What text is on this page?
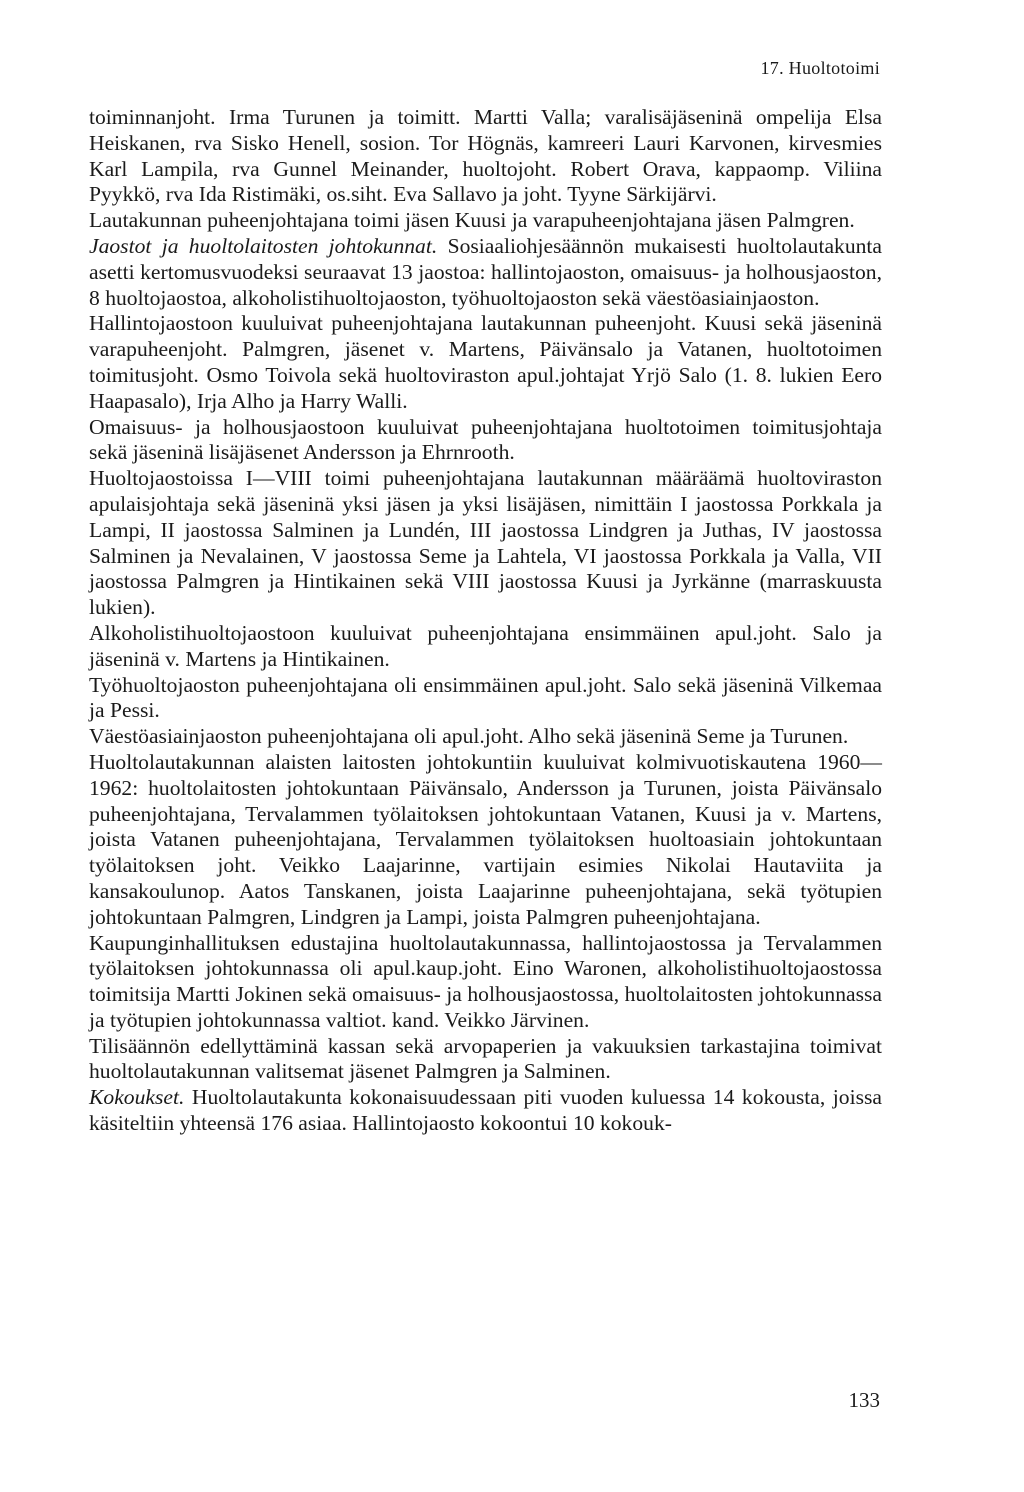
17. Huoltotoimi

toiminnanjoht. Irma Turunen ja toimitt. Martti Valla; varalisäjäseninä ompelija Elsa Heiskanen, rva Sisko Henell, sosion. Tor Högnäs, kamreeri Lauri Karvonen, kirvesmies Karl Lampila, rva Gunnel Meinander, huoltojoht. Robert Orava, kappaomp. Viliina Pyykkö, rva Ida Ristimäki, os.siht. Eva Sallavo ja joht. Tyyne Särkijärvi.

Lautakunnan puheenjohtajana toimi jäsen Kuusi ja varapuheenjohtajana jäsen Palmgren.

Jaostot ja huoltolaitosten johtokunnat. Sosiaaliohjesäännön mukaisesti huoltolautakunta asetti kertomusvuodeksi seuraavat 13 jaostoa: hallintojaoston, omaisuus- ja holhousjaoston, 8 huoltojaostoa, alkoholistihuoltojaoston, työhuoltojaoston sekä väestöasiainjaoston.

Hallintojaostoon kuuluivat puheenjohtajana lautakunnan puheenjoht. Kuusi sekä jäseninä varapuheenjoht. Palmgren, jäsenet v. Martens, Päivänsalo ja Vatanen, huoltotoimen toimitusjoht. Osmo Toivola sekä huoltoviraston apul.johtajat Yrjö Salo (1. 8. lukien Eero Haapasalo), Irja Alho ja Harry Walli.

Omaisuus- ja holhousjaostoon kuuluivat puheenjohtajana huoltotoimen toimitusjohtaja sekä jäseninä lisäjäsenet Andersson ja Ehrnrooth.

Huoltojaostoissa I—VIII toimi puheenjohtajana lautakunnan määräämä huoltoviraston apulaisjohtaja sekä jäseninä yksi jäsen ja yksi lisäjäsen, nimittäin I jaostossa Porkkala ja Lampi, II jaostossa Salminen ja Lundén, III jaostossa Lindgren ja Juthas, IV jaostossa Salminen ja Nevalainen, V jaostossa Seme ja Lahtela, VI jaostossa Porkkala ja Valla, VII jaostossa Palmgren ja Hintikainen sekä VIII jaostossa Kuusi ja Jyrkänne (marraskuusta lukien).

Alkoholistihuoltojaostoon kuuluivat puheenjohtajana ensimmäinen apul.joht. Salo ja jäseninä v. Martens ja Hintikainen.

Työhuoltojaoston puheenjohtajana oli ensimmäinen apul.joht. Salo sekä jäseninä Vilkemaa ja Pessi.

Väestöasiainjaoston puheenjohtajana oli apul.joht. Alho sekä jäseninä Seme ja Turunen.

Huoltolautakunnan alaisten laitosten johtokuntiin kuuluivat kolmivuotiskautena 1960—1962: huoltolaitosten johtokuntaan Päivänsalo, Andersson ja Turunen, joista Päivänsalo puheenjohtajana, Tervalammen työlaitoksen johtokuntaan Vatanen, Kuusi ja v. Martens, joista Vatanen puheenjohtajana, Tervalammen työlaitoksen huoltoasiain johtokuntaan työlaitoksen joht. Veikko Laajarinne, vartijain esimies Nikolai Hautaviita ja kansakoulunop. Aatos Tanskanen, joista Laajarinne puheenjohtajana, sekä työtupien johtokuntaan Palmgren, Lindgren ja Lampi, joista Palmgren puheenjohtajana.

Kaupunginhallituksen edustajina huoltolautakunnassa, hallintojaostossa ja Tervalammen työlaitoksen johtokunnassa oli apul.kaup.joht. Eino Waronen, alkoholistihuoltojaostossa toimitsija Martti Jokinen sekä omaisuus- ja holhousjaostossa, huoltolaitosten johtokunnassa ja työtupien johtokunnassa valtiot. kand. Veikko Järvinen.

Tilisäännön edellyttäminä kassan sekä arvopaperien ja vakuuksien tarkastajina toimivat huoltolautakunnan valitsemat jäsenet Palmgren ja Salminen.

Kokoukset. Huoltolautakunta kokonaisuudessaan piti vuoden kuluessa 14 kokousta, joissa käsiteltiin yhteensä 176 asiaa. Hallintojaosto kokoontui 10 kokouk-

133
